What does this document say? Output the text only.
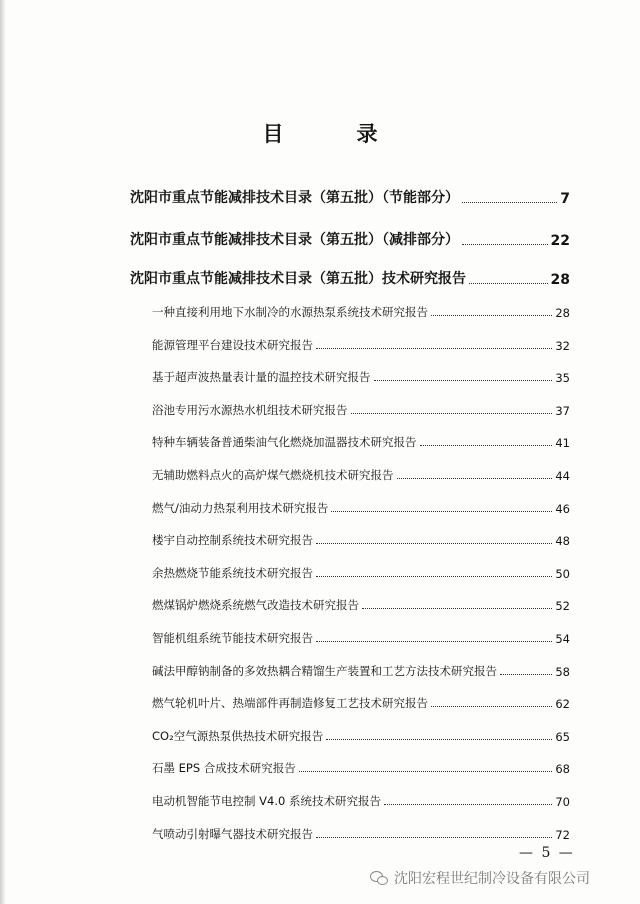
目　录
沈阳市重点节能减排技术目录（第五批）（节能部分）	7
沈阳市重点节能减排技术目录（第五批）（减排部分）	22
沈阳市重点节能减排技术目录（第五批）技术研究报告	28
一种直接利用地下水制冷的水源热泵系统技术研究报告	28
能源管理平台建设技术研究报告	32
基于超声波热量表计量的温控技术研究报告	35
浴池专用污水源热水机组技术研究报告	37
特种车辆装备普通柴油气化燃烧加温器技术研究报告	41
无辅助燃料点火的高炉煤气燃烧机技术研究报告	44
燃气/油动力热泵利用技术研究报告	46
楼宇自动控制系统技术研究报告	48
余热燃烧节能系统技术研究报告	50
燃煤锅炉燃烧系统燃气改造技术研究报告	52
智能机组系统节能技术研究报告	54
碱法甲醇钠制备的多效热耦合精馏生产装置和工艺方法技术研究报告	58
燃气轮机叶片、热端部件再制造修复工艺技术研究报告	62
CO₂空气源热泵供热技术研究报告	65
石墨 EPS 合成技术研究报告	68
电动机智能节电控制 V4.0 系统技术研究报告	70
气喷动引射曝气器技术研究报告	72
— 5 —
沈阳宏程世纪制冷设备有限公司
